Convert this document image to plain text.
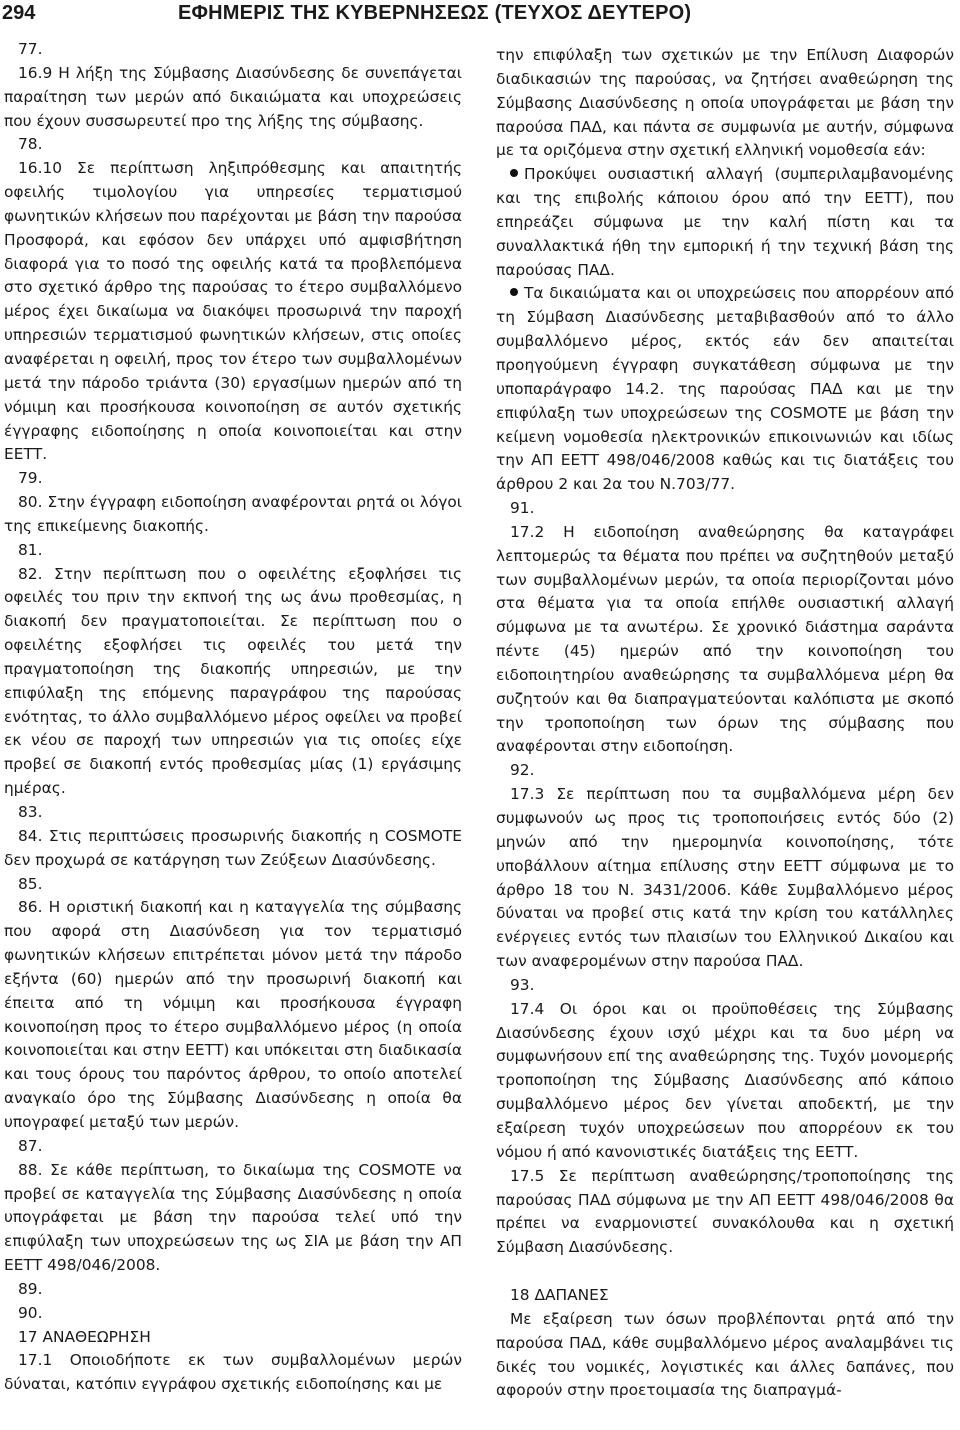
294	ΕΦΗΜΕΡΙΣ ΤΗΣ ΚΥΒΕΡΝΗΣΕΩΣ (ΤΕΥΧΟΣ ΔΕΥΤΕΡΟ)

77.

16.9 Η λήξη της Σύμβασης Διασύνδεσης δε συνεπάγεται παραίτηση των μερών από δικαιώματα και υποχρεώσεις που έχουν συσσωρευτεί προ της λήξης της σύμβασης.

78.

16.10 Σε περίπτωση ληξιπρόθεσμης και απαιτητής οφειλής τιμολογίου για υπηρεσίες τερματισμού φωνητικών κλήσεων που παρέχονται με βάση την παρούσα Προσφορά, και εφόσον δεν υπάρχει υπό αμφισβήτηση διαφορά για το ποσό της οφειλής κατά τα προβλεπόμενα στο σχετικό άρθρο της παρούσας το έτερο συμβαλλόμενο μέρος έχει δικαίωμα να διακόψει προσωρινά την παροχή υπηρεσιών τερματισμού φωνητικών κλήσεων, στις οποίες αναφέρεται η οφειλή, προς τον έτερο των συμβαλλομένων μετά την πάροδο τριάντα (30) εργασίμων ημερών από τη νόμιμη και προσήκουσα κοινοποίηση σε αυτόν σχετικής έγγραφης ειδοποίησης η οποία κοινοποιείται και στην ΕΕΤΤ.

79.

80. Στην έγγραφη ειδοποίηση αναφέρονται ρητά οι λόγοι της επικείμενης διακοπής.

81.

82. Στην περίπτωση που ο οφειλέτης εξοφλήσει τις οφειλές του πριν την εκπνοή της ως άνω προθεσμίας, η διακοπή δεν πραγματοποιείται. Σε περίπτωση που ο οφειλέτης εξοφλήσει τις οφειλές του μετά την πραγματοποίηση της διακοπής υπηρεσιών, με την επιφύλαξη της επόμενης παραγράφου της παρούσας ενότητας, το άλλο συμβαλλόμενο μέρος οφείλει να προβεί εκ νέου σε παροχή των υπηρεσιών για τις οποίες είχε προβεί σε διακοπή εντός προθεσμίας μίας (1) εργάσιμης ημέρας.

83.

84. Στις περιπτώσεις προσωρινής διακοπής η COSMOTE δεν προχωρά σε κατάργηση των Ζεύξεων Διασύνδεσης.

85.

86. Η οριστική διακοπή και η καταγγελία της σύμβασης που αφορά στη Διασύνδεση για τον τερματισμό φωνητικών κλήσεων επιτρέπεται μόνον μετά την πάροδο εξήντα (60) ημερών από την προσωρινή διακοπή και έπειτα από τη νόμιμη και προσήκουσα έγγραφη κοινοποίηση προς το έτερο συμβαλλόμενο μέρος (η οποία κοινοποιείται και στην ΕΕΤΤ) και υπόκειται στη διαδικασία και τους όρους του παρόντος άρθρου, το οποίο αποτελεί αναγκαίο όρο της Σύμβασης Διασύνδεσης η οποία θα υπογραφεί μεταξύ των μερών.

87.

88. Σε κάθε περίπτωση, το δικαίωμα της COSMOTE να προβεί σε καταγγελία της Σύμβασης Διασύνδεσης η οποία υπογράφεται με βάση την παρούσα τελεί υπό την επιφύλαξη των υποχρεώσεων της ως ΣΙΑ με βάση την ΑΠ ΕΕΤΤ 498/046/2008.

89.

90.

17 ΑΝΑΘΕΩΡΗΣΗ

17.1 Οποιοδήποτε εκ των συμβαλλομένων μερών δύναται, κατόπιν εγγράφου σχετικής ειδοποίησης και με

την επιφύλαξη των σχετικών με την Επίλυση Διαφορών διαδικασιών της παρούσας, να ζητήσει αναθεώρηση της Σύμβασης Διασύνδεσης η οποία υπογράφεται με βάση την παρούσα ΠΑΔ, και πάντα σε συμφωνία με αυτήν, σύμφωνα με τα οριζόμενα στην σχετική ελληνική νομοθεσία εάν:

Προκύψει ουσιαστική αλλαγή (συμπεριλαμβανομένης και της επιβολής κάποιου όρου από την ΕΕΤΤ), που επηρεάζει σύμφωνα με την καλή πίστη και τα συναλλακτικά ήθη την εμπορική ή την τεχνική βάση της παρούσας ΠΑΔ.

Τα δικαιώματα και οι υποχρεώσεις που απορρέουν από τη Σύμβαση Διασύνδεσης μεταβιβασθούν από το άλλο συμβαλλόμενο μέρος, εκτός εάν δεν απαιτείται προηγούμενη έγγραφη συγκατάθεση σύμφωνα με την υποπαράγραφο 14.2. της παρούσας ΠΑΔ και με την επιφύλαξη των υποχρεώσεων της COSMOTE με βάση την κείμενη νομοθεσία ηλεκτρονικών επικοινωνιών και ιδίως την ΑΠ ΕΕΤΤ 498/046/2008 καθώς και τις διατάξεις του άρθρου 2 και 2α του Ν.703/77.

91.

17.2 Η ειδοποίηση αναθεώρησης θα καταγράφει λεπτομερώς τα θέματα που πρέπει να συζητηθούν μεταξύ των συμβαλλομένων μερών, τα οποία περιορίζονται μόνο στα θέματα για τα οποία επήλθε ουσιαστική αλλαγή σύμφωνα με τα ανωτέρω. Σε χρονικό διάστημα σαράντα πέντε (45) ημερών από την κοινοποίηση του ειδοποιητηρίου αναθεώρησης τα συμβαλλόμενα μέρη θα συζητούν και θα διαπραγματεύονται καλόπιστα με σκοπό την τροποποίηση των όρων της σύμβασης που αναφέρονται στην ειδοποίηση.

92.

17.3 Σε περίπτωση που τα συμβαλλόμενα μέρη δεν συμφωνούν ως προς τις τροποποιήσεις εντός δύο (2) μηνών από την ημερομηνία κοινοποίησης, τότε υποβάλλουν αίτημα επίλυσης στην ΕΕΤΤ σύμφωνα με το άρθρο 18 του Ν. 3431/2006. Κάθε Συμβαλλόμενο μέρος δύναται να προβεί στις κατά την κρίση του κατάλληλες ενέργειες εντός των πλαισίων του Ελληνικού Δικαίου και των αναφερομένων στην παρούσα ΠΑΔ.

93.

17.4 Οι όροι και οι προϋποθέσεις της Σύμβασης Διασύνδεσης έχουν ισχύ μέχρι και τα δυο μέρη να συμφωνήσουν επί της αναθεώρησης της. Τυχόν μονομερής τροποποίηση της Σύμβασης Διασύνδεσης από κάποιο συμβαλλόμενο μέρος δεν γίνεται αποδεκτή, με την εξαίρεση τυχόν υποχρεώσεων που απορρέουν εκ του νόμου ή από κανονιστικές διατάξεις της ΕΕΤΤ.

17.5 Σε περίπτωση αναθεώρησης/τροποποίησης της παρούσας ΠΑΔ σύμφωνα με την ΑΠ ΕΕΤΤ 498/046/2008 θα πρέπει να εναρμονιστεί συνακόλουθα και η σχετική Σύμβαση Διασύνδεσης.

18 ΔΑΠΑΝΕΣ

Με εξαίρεση των όσων προβλέπονται ρητά από την παρούσα ΠΑΔ, κάθε συμβαλλόμενο μέρος αναλαμβάνει τις δικές του νομικές, λογιστικές και άλλες δαπάνες, που αφορούν στην προετοιμασία της διαπραγμά-
